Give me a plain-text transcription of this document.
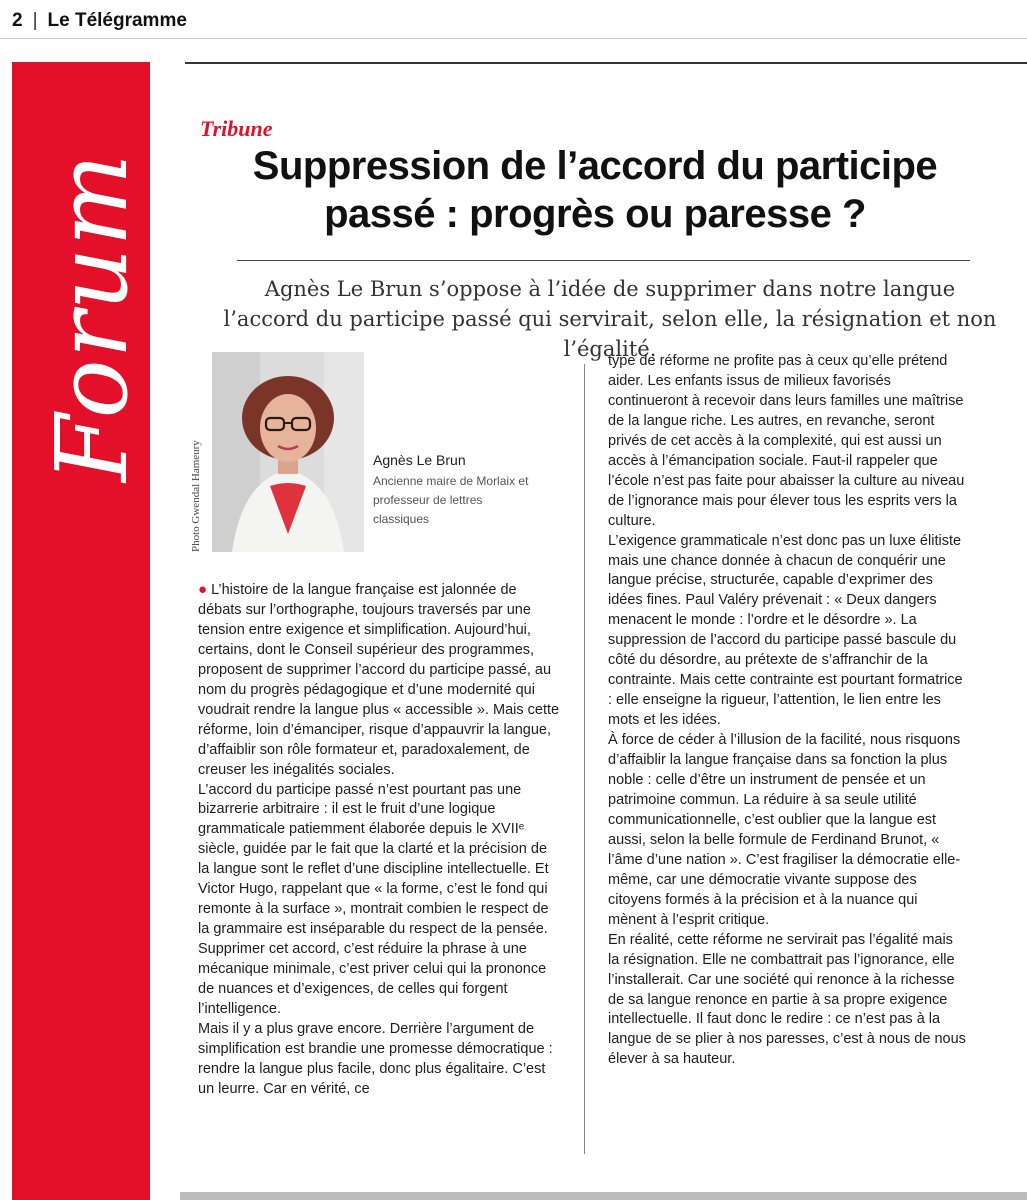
2 | Le Télégramme
Forum
Tribune
Suppression de l’accord du participe passé : progrès ou paresse ?
Agnès Le Brun s’oppose à l’idée de supprimer dans notre langue l’accord du participe passé qui servirait, selon elle, la résignation et non l’égalité.
Photo Gwendal Hameury	Agnès Le Brun
Ancienne maire de Morlaix et professeur de lettres classiques

● L’histoire de la langue française est jalonnée de débats sur l’orthographe, toujours traversés par une tension entre exigence et simplification. Aujourd’hui, certains, dont le Conseil supérieur des programmes, proposent de supprimer l’accord du participe passé, au nom du progrès pédagogique et d’une modernité qui voudrait rendre la langue plus « accessible ». Mais cette réforme, loin d’émanciper, risque d’appauvrir la langue, d’affaiblir son rôle formateur et, paradoxalement, de creuser les inégalités sociales.

L’accord du participe passé n’est pourtant pas une bizarrerie arbitraire : il est le fruit d’une logique grammaticale patiemment élaborée depuis le XVIIᵉ siècle, guidée par le fait que la clarté et la précision de la langue sont le reflet d’une discipline intellectuelle. Et Victor Hugo, rappelant que « la forme, c’est le fond qui remonte à la surface », montrait combien le respect de la grammaire est inséparable du respect de la pensée. Supprimer cet accord, c’est réduire la phrase à une mécanique minimale, c’est priver celui qui la prononce de nuances et d’exigences, de celles qui forgent l’intelligence.

Mais il y a plus grave encore. Derrière l’argument de simplification est brandie une promesse démocratique : rendre la langue plus facile, donc plus égalitaire. C’est un leurre. Car en vérité, ce

type de réforme ne profite pas à ceux qu’elle prétend aider. Les enfants issus de milieux favorisés continueront à recevoir dans leurs familles une maîtrise de la langue riche. Les autres, en revanche, seront privés de cet accès à la complexité, qui est aussi un accès à l’émancipation sociale. Faut-il rappeler que l’école n’est pas faite pour abaisser la culture au niveau de l’ignorance mais pour élever tous les esprits vers la culture.

L’exigence grammaticale n’est donc pas un luxe élitiste mais une chance donnée à chacun de conquérir une langue précise, structurée, capable d’exprimer des idées fines. Paul Valéry prévenait : « Deux dangers menacent le monde : l’ordre et le désordre ». La suppression de l’accord du participe passé bascule du côté du désordre, au prétexte de s’affranchir de la contrainte. Mais cette contrainte est pourtant formatrice : elle enseigne la rigueur, l’attention, le lien entre les mots et les idées.

À force de céder à l’illusion de la facilité, nous risquons d’affaiblir la langue française dans sa fonction la plus noble : celle d’être un instrument de pensée et un patrimoine commun. La réduire à sa seule utilité communicationnelle, c’est oublier que la langue est aussi, selon la belle formule de Ferdinand Brunot, « l’âme d’une nation ». C’est fragiliser la démocratie elle-même, car une démocratie vivante suppose des citoyens formés à la précision et à la nuance qui mènent à l’esprit critique.

En réalité, cette réforme ne servirait pas l’égalité mais la résignation. Elle ne combattrait pas l’ignorance, elle l’installerait. Car une société qui renonce à la richesse de sa langue renonce en partie à sa propre exigence intellectuelle. Il faut donc le redire : ce n’est pas à la langue de se plier à nos paresses, c’est à nous de nous élever à sa hauteur.
